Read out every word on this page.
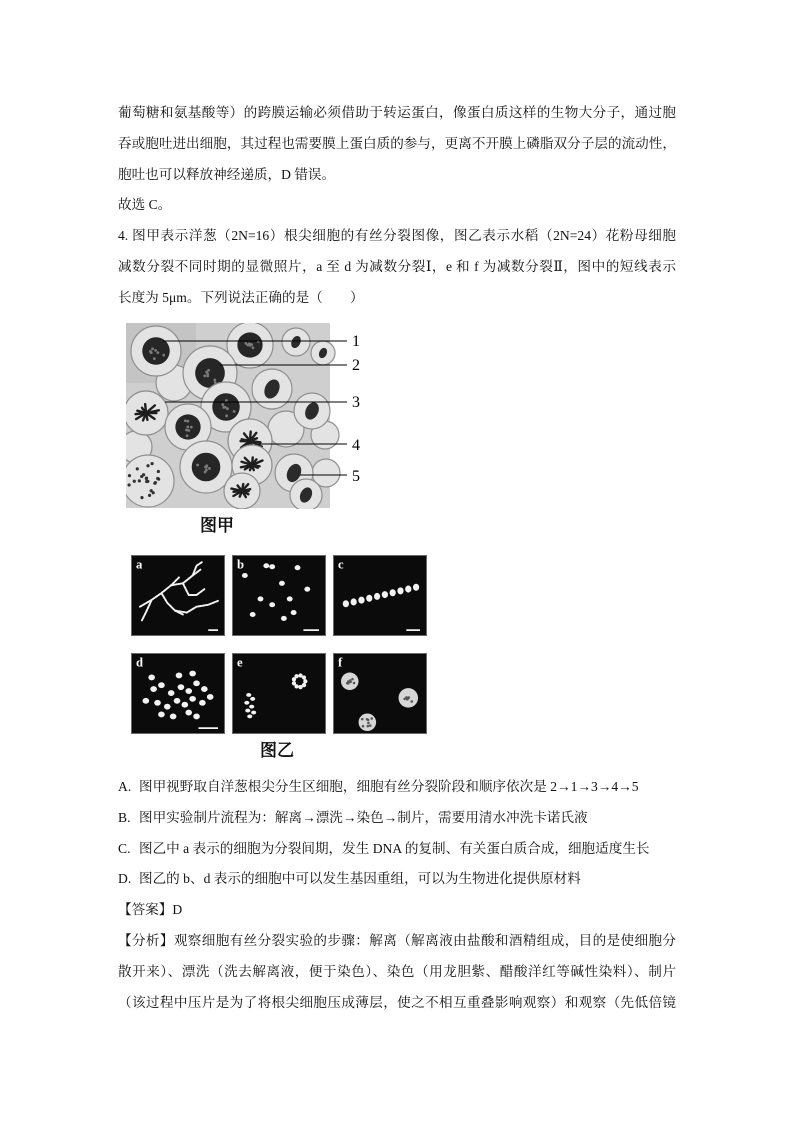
葡萄糖和氨基酸等）的跨膜运输必须借助于转运蛋白，像蛋白质这样的生物大分子，通过胞
吞或胞吐进出细胞，其过程也需要膜上蛋白质的参与，更离不开膜上磷脂双分子层的流动性，
胞吐也可以释放神经递质，D 错误。
故选 C。
4. 图甲表示洋葱（2N=16）根尖细胞的有丝分裂图像，图乙表示水稻（2N=24）花粉母细胞
减数分裂不同时期的显微照片，a 至 d 为减数分裂Ⅰ，e 和 f 为减数分裂Ⅱ，图中的短线表示
长度为 5μm。下列说法正确的是（　　）
1
2
3
4
5
图甲
a	b	c
d	e	f
图乙
A. 图甲视野取自洋葱根尖分生区细胞，细胞有丝分裂阶段和顺序依次是 2→1→3→4→5
B. 图甲实验制片流程为：解离→漂洗→染色→制片，需要用清水冲洗卡诺氏液
C. 图乙中 a 表示的细胞为分裂间期，发生 DNA 的复制、有关蛋白质合成，细胞适度生长
D. 图乙的 b、d 表示的细胞中可以发生基因重组，可以为生物进化提供原材料
【答案】D
【分析】观察细胞有丝分裂实验的步骤：解离（解离液由盐酸和酒精组成，目的是使细胞分
散开来）、漂洗（洗去解离液，便于染色）、染色（用龙胆紫、醋酸洋红等碱性染料）、制片
（该过程中压片是为了将根尖细胞压成薄层，使之不相互重叠影响观察）和观察（先低倍镜
